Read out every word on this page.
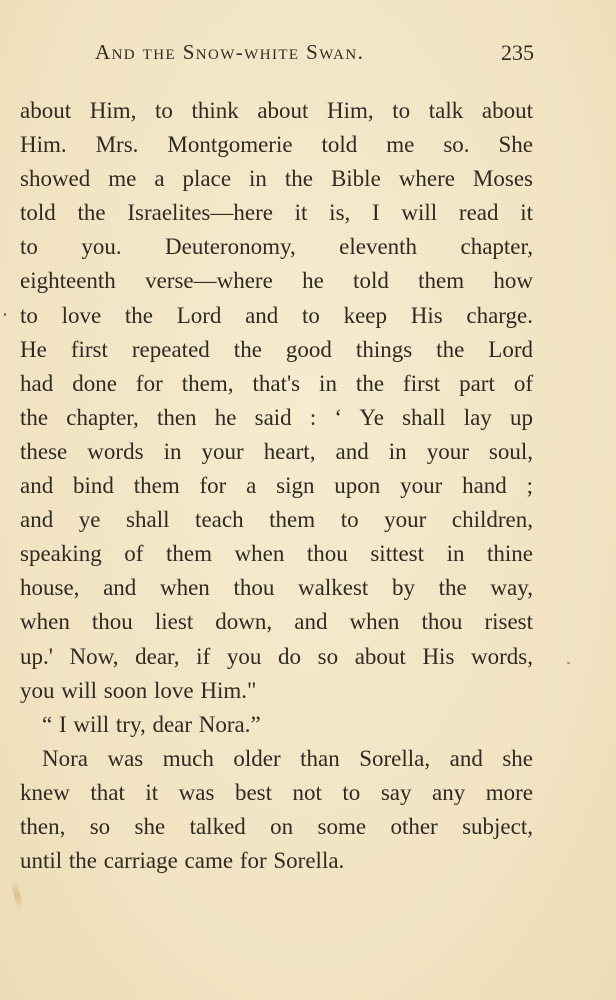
And the Snow-white Swan.	235
about Him, to think about Him, to talk about
Him. Mrs. Montgomerie told me so. She
showed me a place in the Bible where Moses
told the Israelites—here it is, I will read it
to you. Deuteronomy, eleventh chapter,
eighteenth verse—where he told them how
to love the Lord and to keep His charge.
He first repeated the good things the Lord
had done for them, that's in the first part of
the chapter, then he said : ‘ Ye shall lay up
these words in your heart, and in your soul,
and bind them for a sign upon your hand ;
and ye shall teach them to your children,
speaking of them when thou sittest in thine
house, and when thou walkest by the way,
when thou liest down, and when thou risest
up.' Now, dear, if you do so about His words,
you will soon love Him."
“ I will try, dear Nora.”
Nora was much older than Sorella, and she
knew that it was best not to say any more
then, so she talked on some other subject,
until the carriage came for Sorella.
